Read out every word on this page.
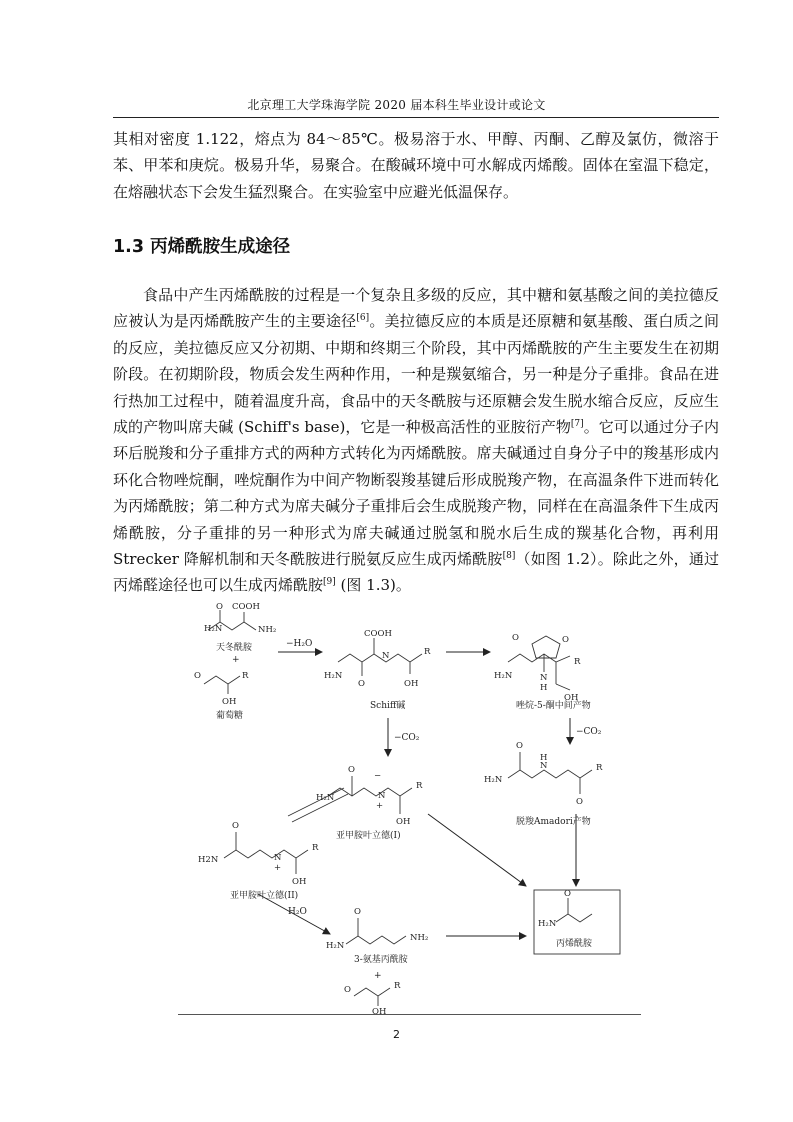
北京理工大学珠海学院 2020 届本科生毕业设计或论文
其相对密度 1.122，熔点为 84～85℃。极易溶于水、甲醇、丙酮、乙醇及氯仿，微溶于苯、甲苯和庚烷。极易升华，易聚合。在酸碱环境中可水解成丙烯酸。固体在室温下稳定，在熔融状态下会发生猛烈聚合。在实验室中应避光低温保存。
1.3 丙烯酰胺生成途径
食品中产生丙烯酰胺的过程是一个复杂且多级的反应，其中糖和氨基酸之间的美拉德反应被认为是丙烯酰胺产生的主要途径[6]。美拉德反应的本质是还原糖和氨基酸、蛋白质之间的反应，美拉德反应又分初期、中期和终期三个阶段，其中丙烯酰胺的产生主要发生在初期阶段。在初期阶段，物质会发生两种作用，一种是羰氨缩合，另一种是分子重排。食品在进行热加工过程中，随着温度升高，食品中的天冬酰胺与还原糖会发生脱水缩合反应，反应生成的产物叫席夫碱 (Schiff's base)，它是一种极高活性的亚胺衍产物[7]。它可以通过分子内环后脱羧和分子重排方式的两种方式转化为丙烯酰胺。席夫碱通过自身分子中的羧基形成内环化合物唑烷酮，唑烷酮作为中间产物断裂羧基键后形成脱羧产物，在高温条件下进而转化为丙烯酰胺；第二种方式为席夫碱分子重排后会生成脱羧产物，同样在在高温条件下生成丙烯酰胺，分子重排的另一种形式为席夫碱通过脱氢和脱水后生成的羰基化合物，再利用 Strecker 降解机制和天冬酰胺进行脱氨反应生成丙烯酰胺[8]（如图 1.2）。除此之外，通过丙烯醛途径也可以生成丙烯酰胺[9] (图 1.3)。
H₂N
O COOH
NH₂
O	R
OH
H₂N
O
COOH
N	R
OH
H₂N
O	O
N
H
R
OH
H₂N
O
−
N
+
R
OH
H₂N
O
N
H
R
O
H2N
O
N
+
R
OH
H₂N
O
NH₂
O	R
OH
H₂N
O
天冬酰胺
+
葡萄糖
−H₂O
Schiff碱	唑烷-5-酮中间产物
−CO₂
−CO₂
亚甲胺叶立德(I)
脱羧Amadori产物
亚甲胺叶立德(II)
H₂O
3-氨基丙酰胺
+
丙烯酰胺
2
